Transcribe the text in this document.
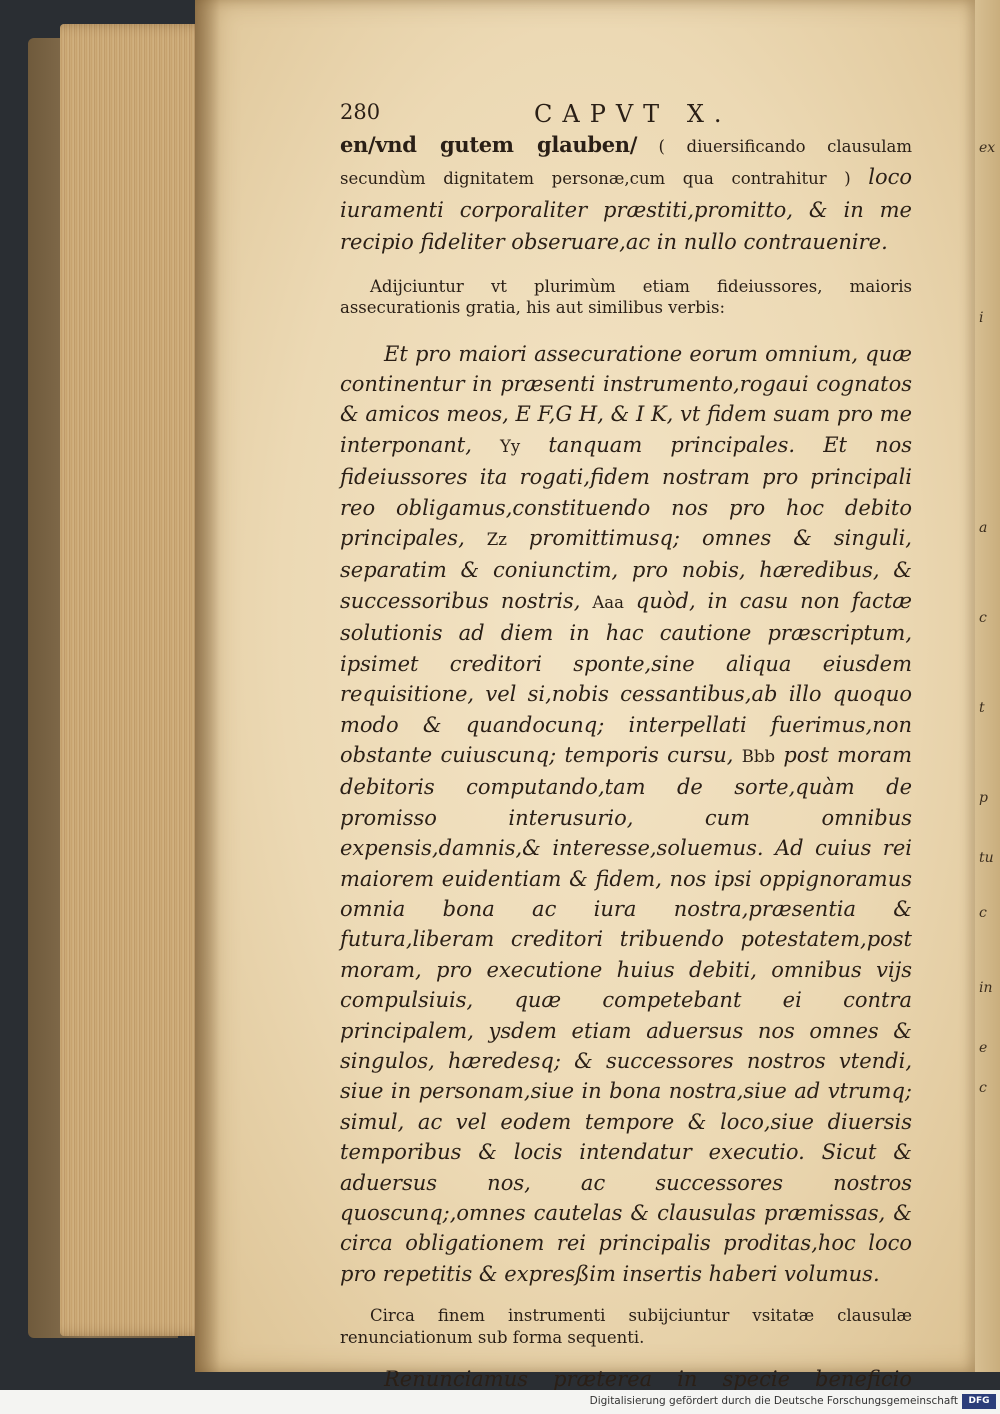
ex
i
a
c
t
p
tu
c
in
e
c
280	CAPVT X.

en/vnd gutem glauben/ ( diuersificando clausulam secundùm dignitatem personæ,cum qua contrahitur ) loco iuramenti corporaliter præstiti,promitto, & in me recipio fideliter obseruare,ac in nullo contrauenire.

Adijciuntur vt plurimùm etiam fideiussores, maioris assecurationis gratia, his aut similibus verbis:

Et pro maiori assecuratione eorum omnium, quæ continentur in præsenti instrumento,rogaui cognatos & amicos meos, E F,G H, & I K, vt fidem suam pro me interponant, Yy tanquam principales. Et nos fideiussores ita rogati,fidem nostram pro principali reo obligamus,constituendo nos pro hoc debito principales, Zz promittimusq; omnes & singuli, separatim & coniunctim, pro nobis, hæredibus, & successoribus nostris, Aaa quòd, in casu non factæ solutionis ad diem in hac cautione præscriptum, ipsimet creditori sponte,sine aliqua eiusdem requisitione, vel si,nobis cessantibus,ab illo quoquo modo & quandocunq; interpellati fuerimus,non obstante cuiuscunq; temporis cursu, Bbb post moram debitoris computando,tam de sorte,quàm de promisso interusurio, cum omnibus expensis,damnis,& interesse,soluemus. Ad cuius rei maiorem euidentiam & fidem, nos ipsi oppignoramus omnia bona ac iura nostra,præsentia & futura,liberam creditori tribuendo potestatem,post moram, pro executione huius debiti, omnibus vijs compulsiuis, quæ competebant ei contra principalem, ysdem etiam aduersus nos omnes & singulos, hæredesq; & successores nostros vtendi, siue in personam,siue in bona nostra,siue ad vtrumq; simul, ac vel eodem tempore & loco,siue diuersis temporibus & locis intendatur executio. Sicut & aduersus nos, ac successores nostros quoscunq;,omnes cautelas & clausulas præmissas, & circa obligationem rei principalis proditas,hoc loco pro repetitis & expresßim insertis haberi volumus.

Circa finem instrumenti subijciuntur vsitatæ clausulæ renunciationum sub forma sequenti.

Renunciamus præterea in specie beneficio

Digitalisierung gefördert durch die Deutsche Forschungsgemeinschaft	DFG
